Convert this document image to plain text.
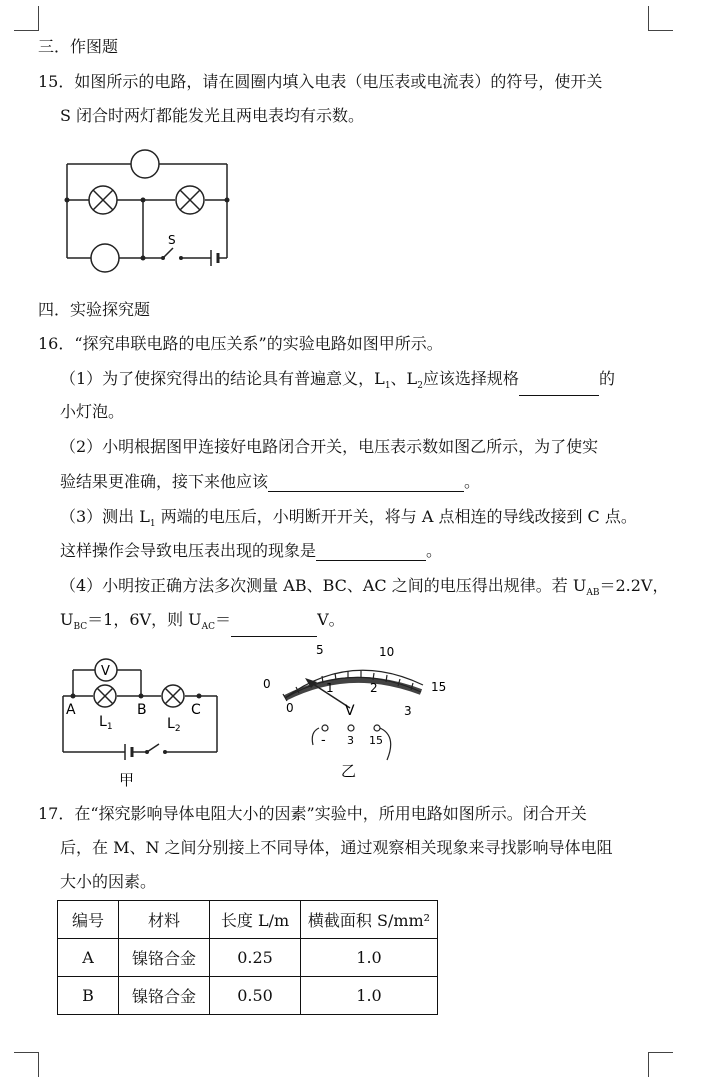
三．作图题
15．如图所示的电路，请在圆圈内填入电表（电压表或电流表）的符号，使开关
S 闭合时两灯都能发光且两电表均有示数。
S
四．实验探究题
16．“探究串联电路的电压关系”的实验电路如图甲所示。
（1）为了使探究得出的结论具有普遍意义，$L_1$、$L_2$应该选择规格	的
小灯泡。
（2）小明根据图甲连接好电路闭合开关，电压表示数如图乙所示，为了使实
验结果更准确，接下来他应该	。
（3）测出 $L_1$ 两端的电压后，小明断开开关，将与 A 点相连的导线改接到 C 点。
这样操作会导致电压表出现的现象是	。
（4）小明按正确方法多次测量 AB、BC、AC 之间的电压得出规律。若 $U_{AB}=2.2V$，
$U_{BC}=1$，6V，则 $U_{AC}=$	V。
V
A	B	C
$L_1$	$L_2$
甲
0
5	10
15
0
1	2
3
V
- 3 15
乙
17．在“探究影响导体电阻大小的因素”实验中，所用电路如图所示。闭合开关
后，在 M、N 之间分别接上不同导体，通过观察相关现象来寻找影响导体电阻
大小的因素。
编号	材料	长度 L/m	横截面积 S/mm²
A	镍铬合金	0.25	1.0
B	镍铬合金	0.50	1.0
